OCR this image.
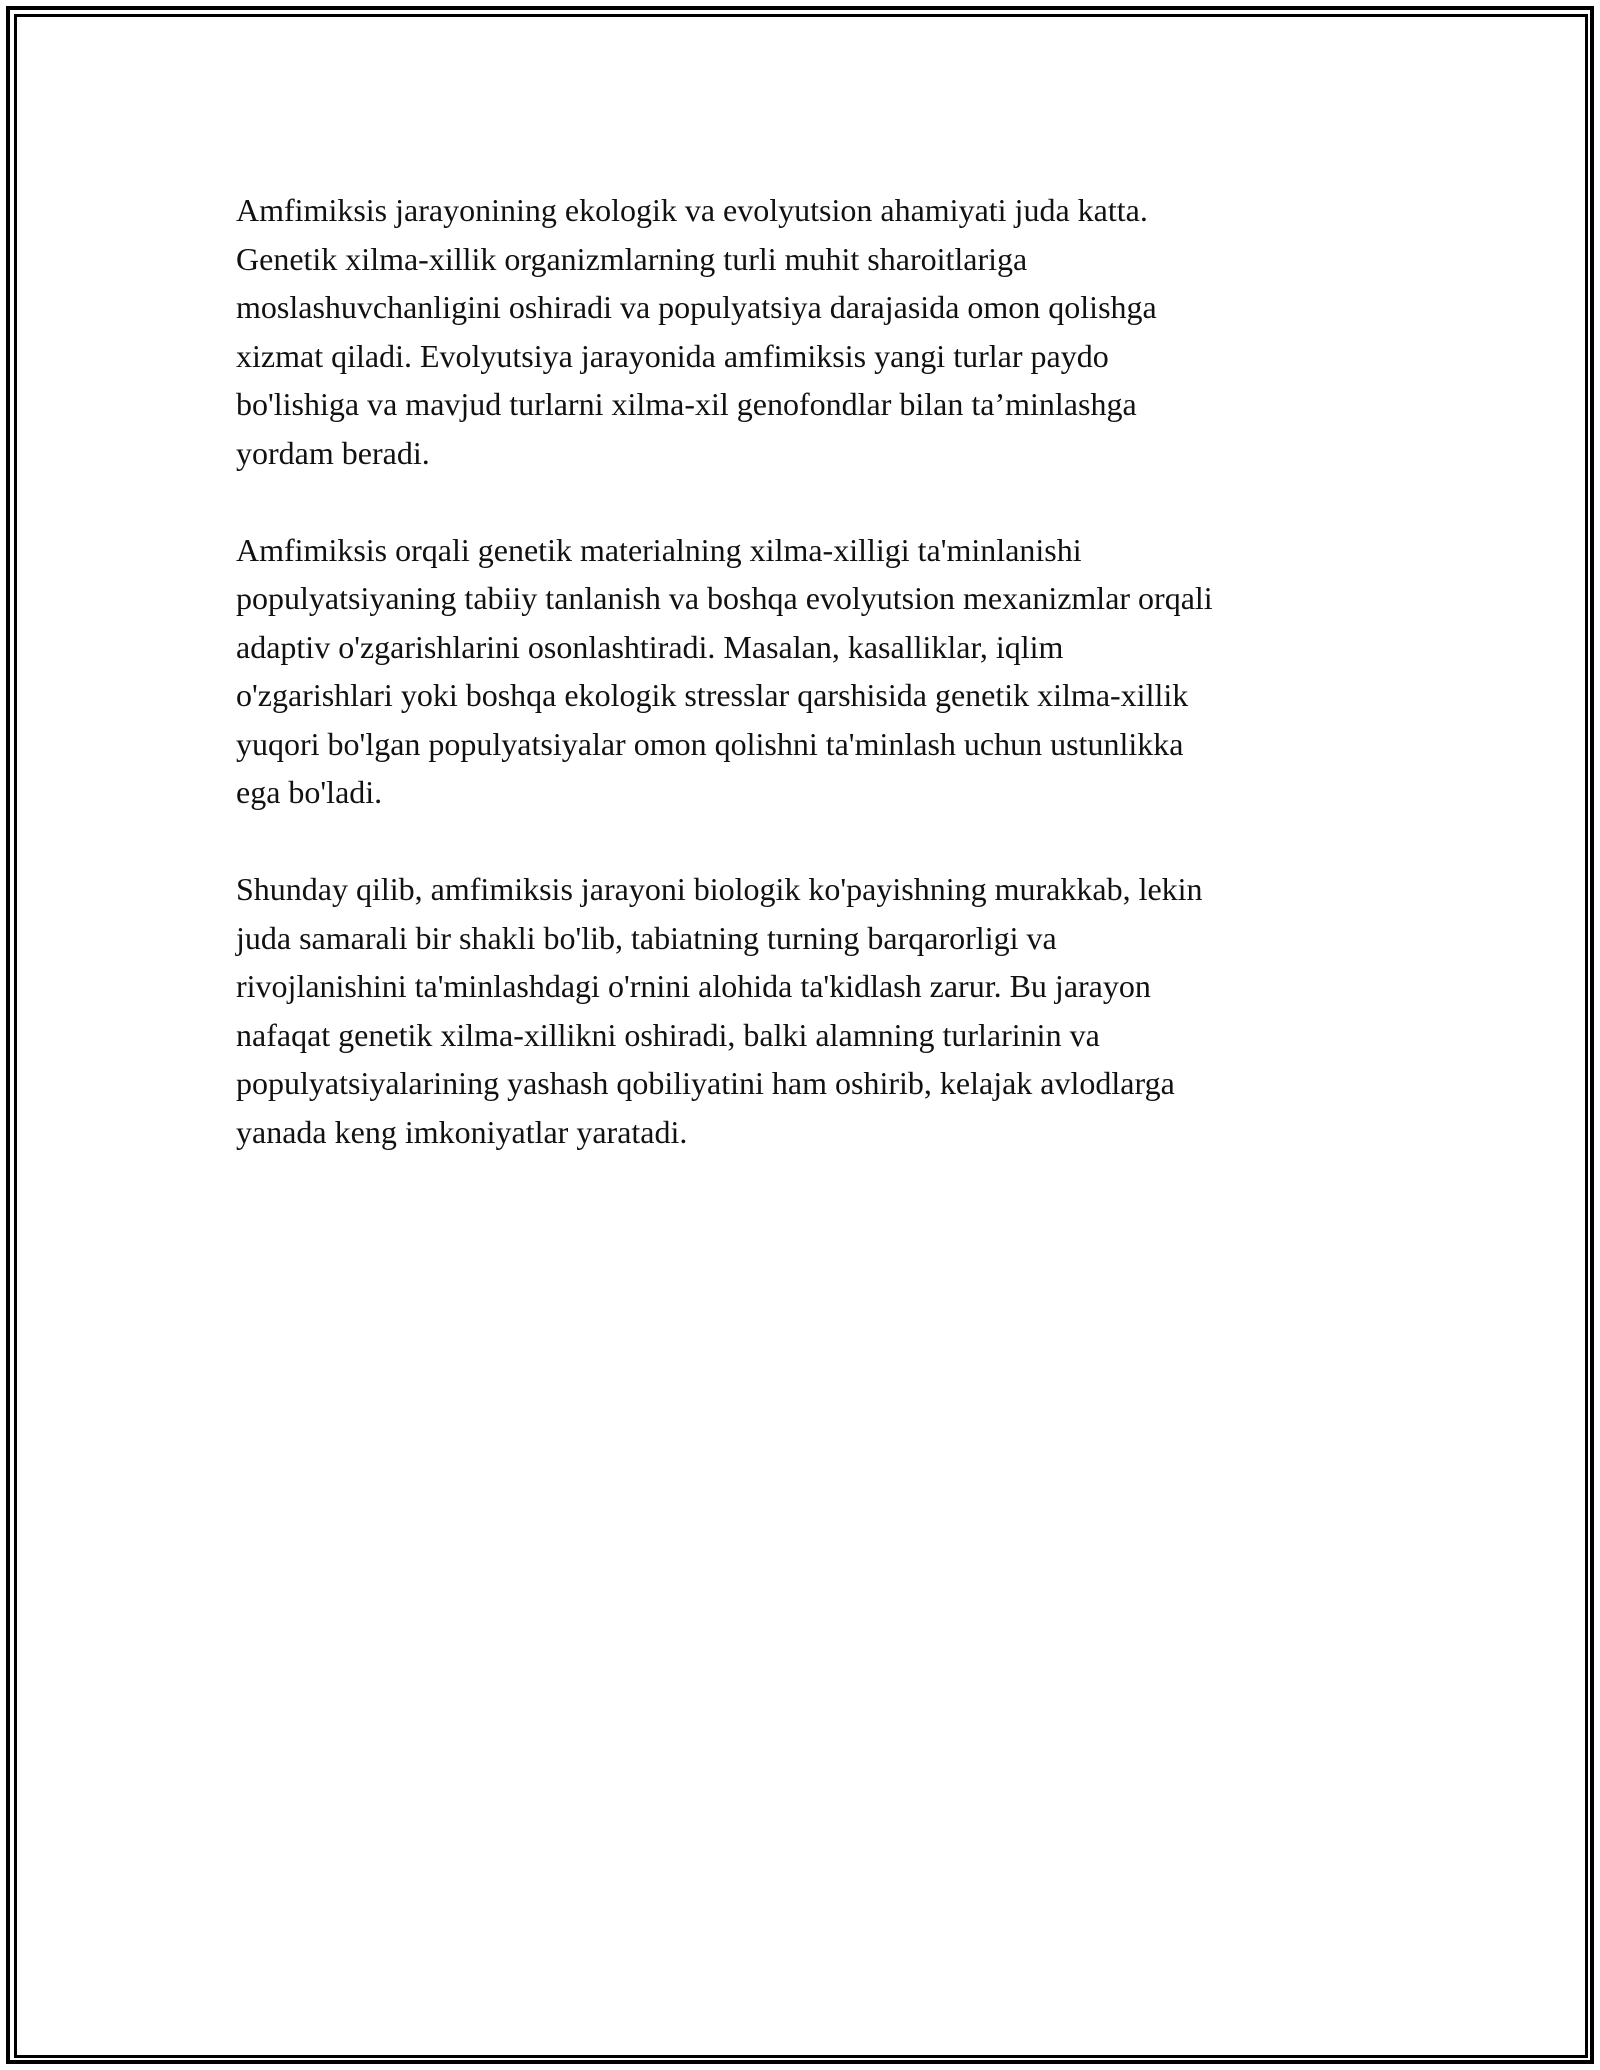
Amfimiksis jarayonining ekologik va evolyutsion ahamiyati juda katta.
Genetik xilma-xillik organizmlarning turli muhit sharoitlariga
moslashuvchanligini oshiradi va populyatsiya darajasida omon qolishga
xizmat qiladi. Evolyutsiya jarayonida amfimiksis yangi turlar paydo
bo'lishiga va mavjud turlarni xilma-xil genofondlar bilan ta’minlashga
yordam beradi.

Amfimiksis orqali genetik materialning xilma-xilligi ta'minlanishi
populyatsiyaning tabiiy tanlanish va boshqa evolyutsion mexanizmlar orqali
adaptiv o'zgarishlarini osonlashtiradi. Masalan, kasalliklar, iqlim
o'zgarishlari yoki boshqa ekologik stresslar qarshisida genetik xilma-xillik
yuqori bo'lgan populyatsiyalar omon qolishni ta'minlash uchun ustunlikka
ega bo'ladi.

Shunday qilib, amfimiksis jarayoni biologik ko'payishning murakkab, lekin
juda samarali bir shakli bo'lib, tabiatning turning barqarorligi va
rivojlanishini ta'minlashdagi o'rnini alohida ta'kidlash zarur. Bu jarayon
nafaqat genetik xilma-xillikni oshiradi, balki alamning turlarinin va
populyatsiyalarining yashash qobiliyatini ham oshirib, kelajak avlodlarga
yanada keng imkoniyatlar yaratadi.
